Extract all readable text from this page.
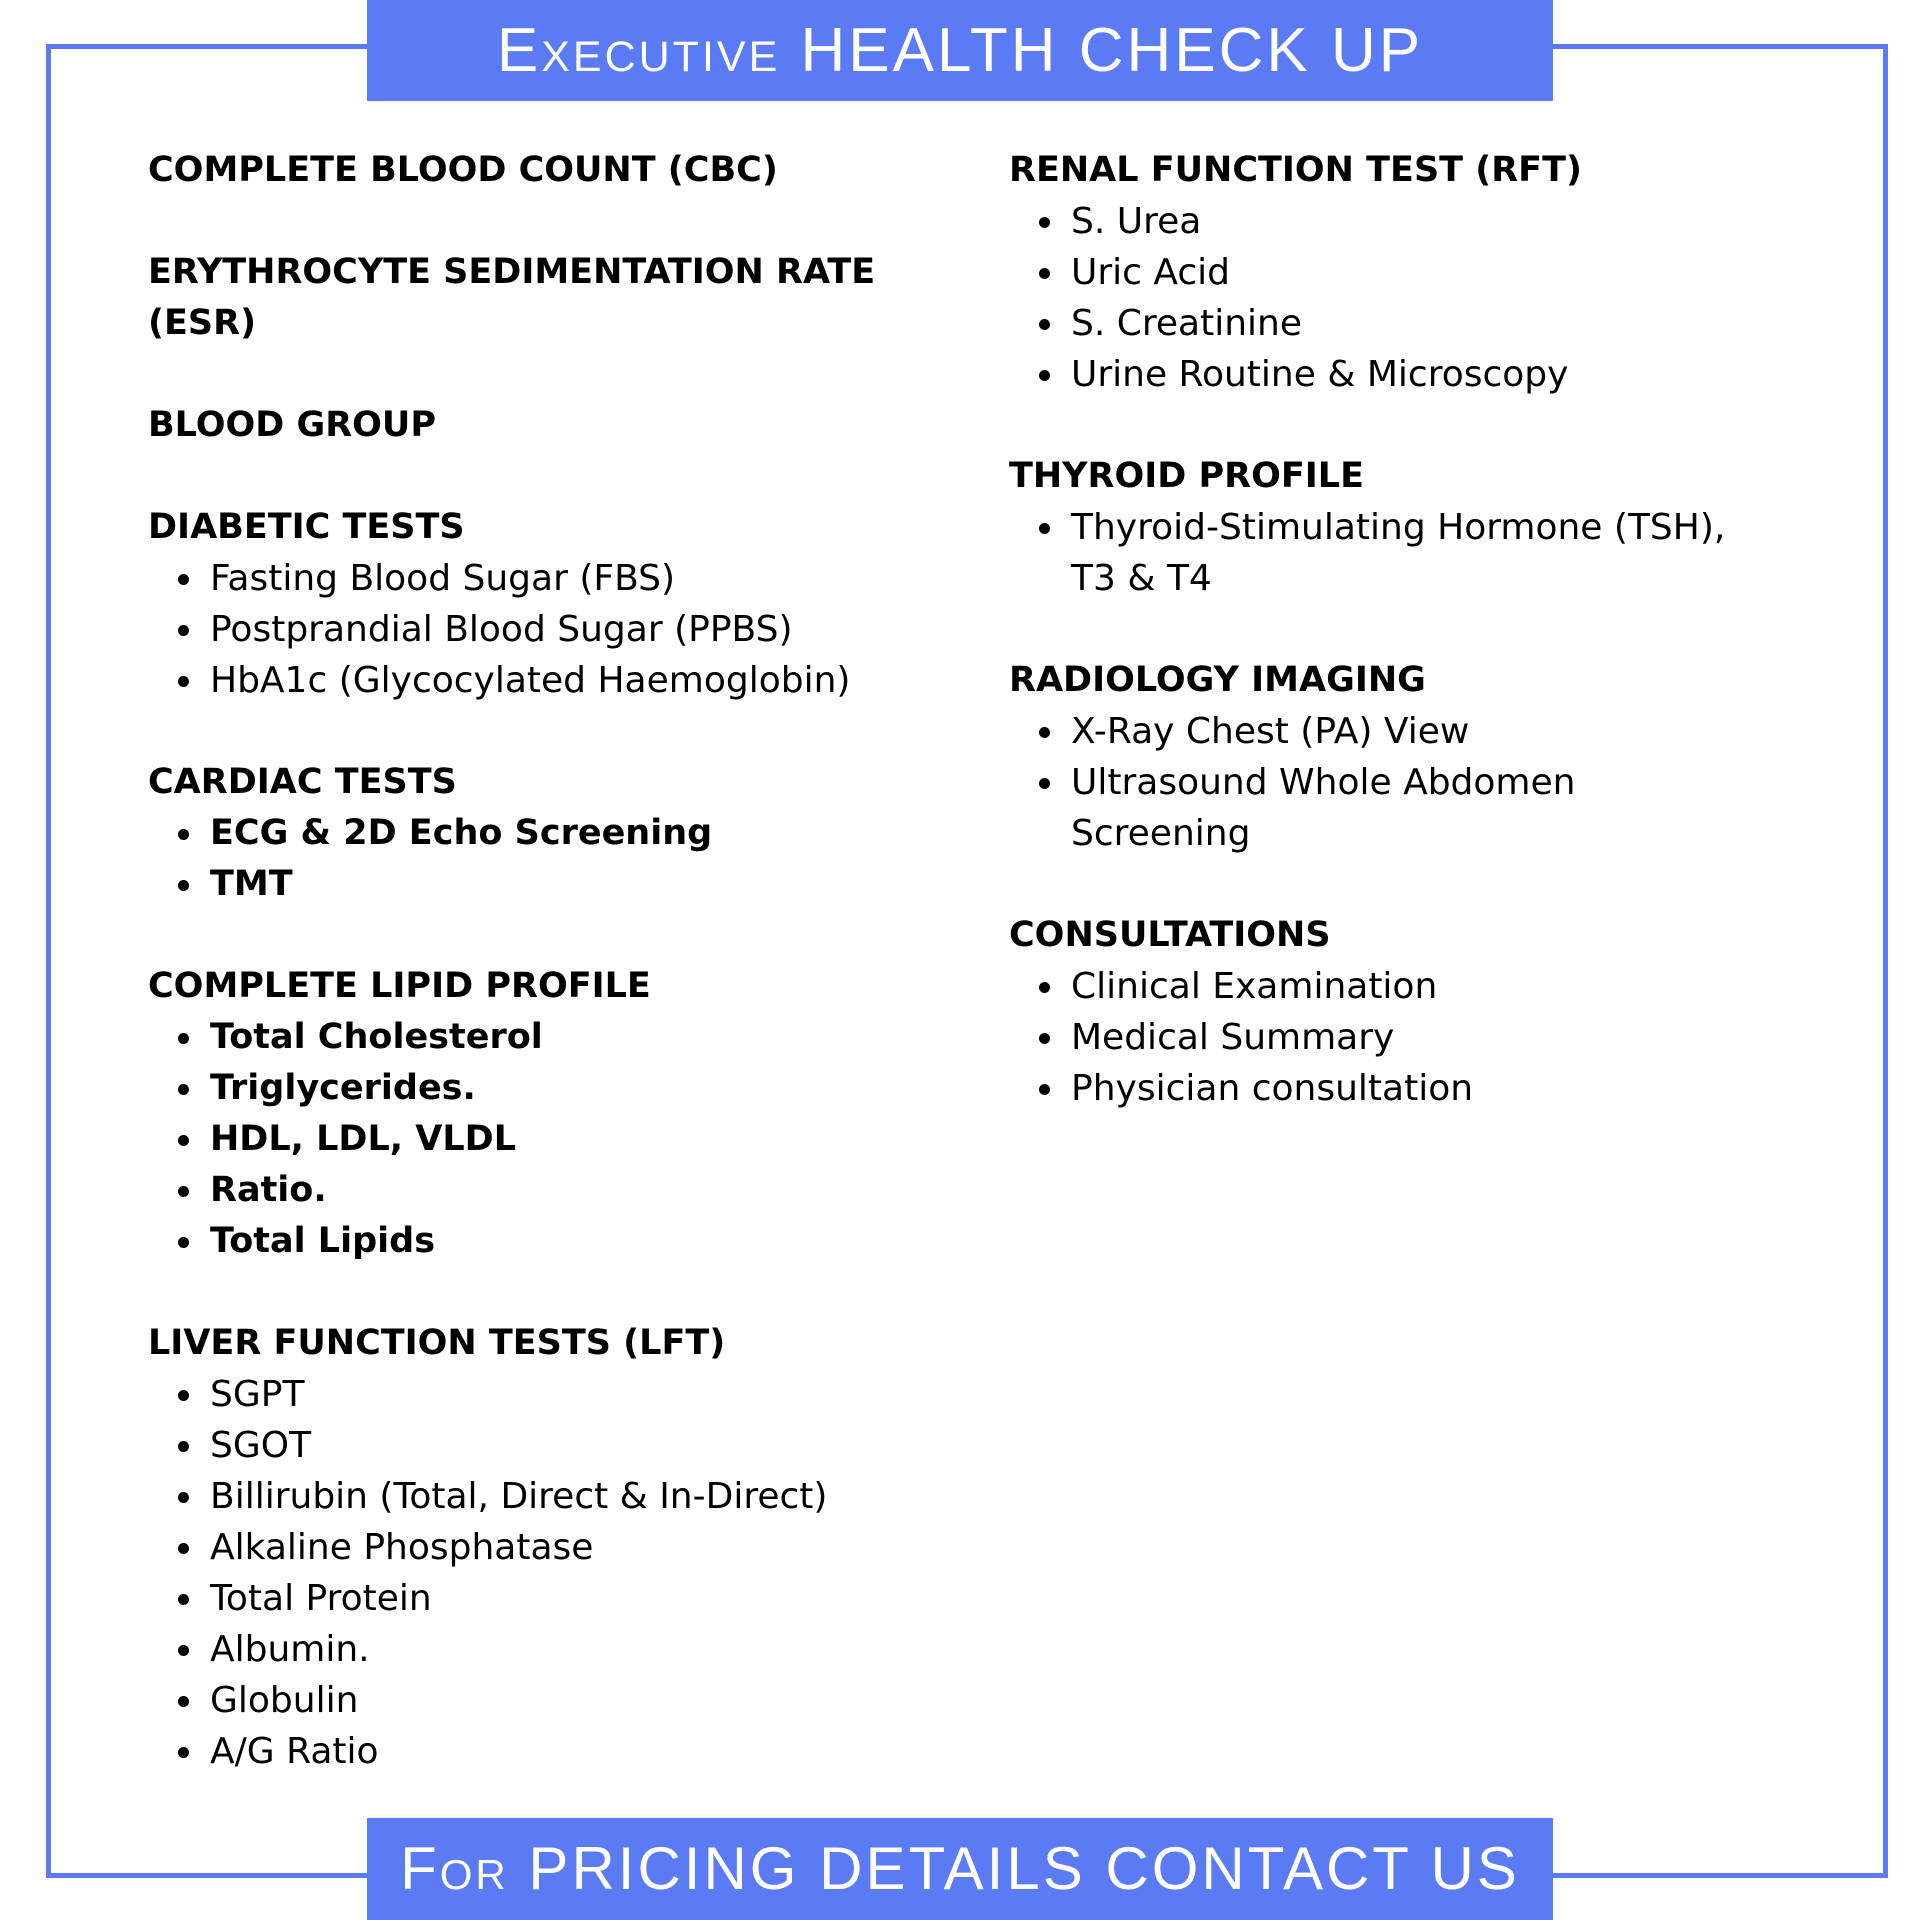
Executive HEALTH CHECK UP
COMPLETE BLOOD COUNT (CBC)
ERYTHROCYTE SEDIMENTATION RATE
(ESR)
BLOOD GROUP
DIABETIC TESTS
Fasting Blood Sugar (FBS)
Postprandial Blood Sugar (PPBS)
HbA1c (Glycocylated Haemoglobin)
CARDIAC TESTS
ECG & 2D Echo Screening
TMT
COMPLETE LIPID PROFILE
Total Cholesterol
Triglycerides.
HDL, LDL, VLDL
Ratio.
Total Lipids
LIVER FUNCTION TESTS (LFT)
SGPT
SGOT
Billirubin (Total, Direct & In-Direct)
Alkaline Phosphatase
Total Protein
Albumin.
Globulin
A/G Ratio
RENAL FUNCTION TEST (RFT)
S. Urea
Uric Acid
S. Creatinine
Urine Routine & Microscopy
THYROID PROFILE
Thyroid-Stimulating Hormone (TSH),
T3 & T4
RADIOLOGY IMAGING
X-Ray Chest (PA) View
Ultrasound Whole Abdomen
Screening
CONSULTATIONS
Clinical Examination
Medical Summary
Physician consultation
For PRICING DETAILS CONTACT US
